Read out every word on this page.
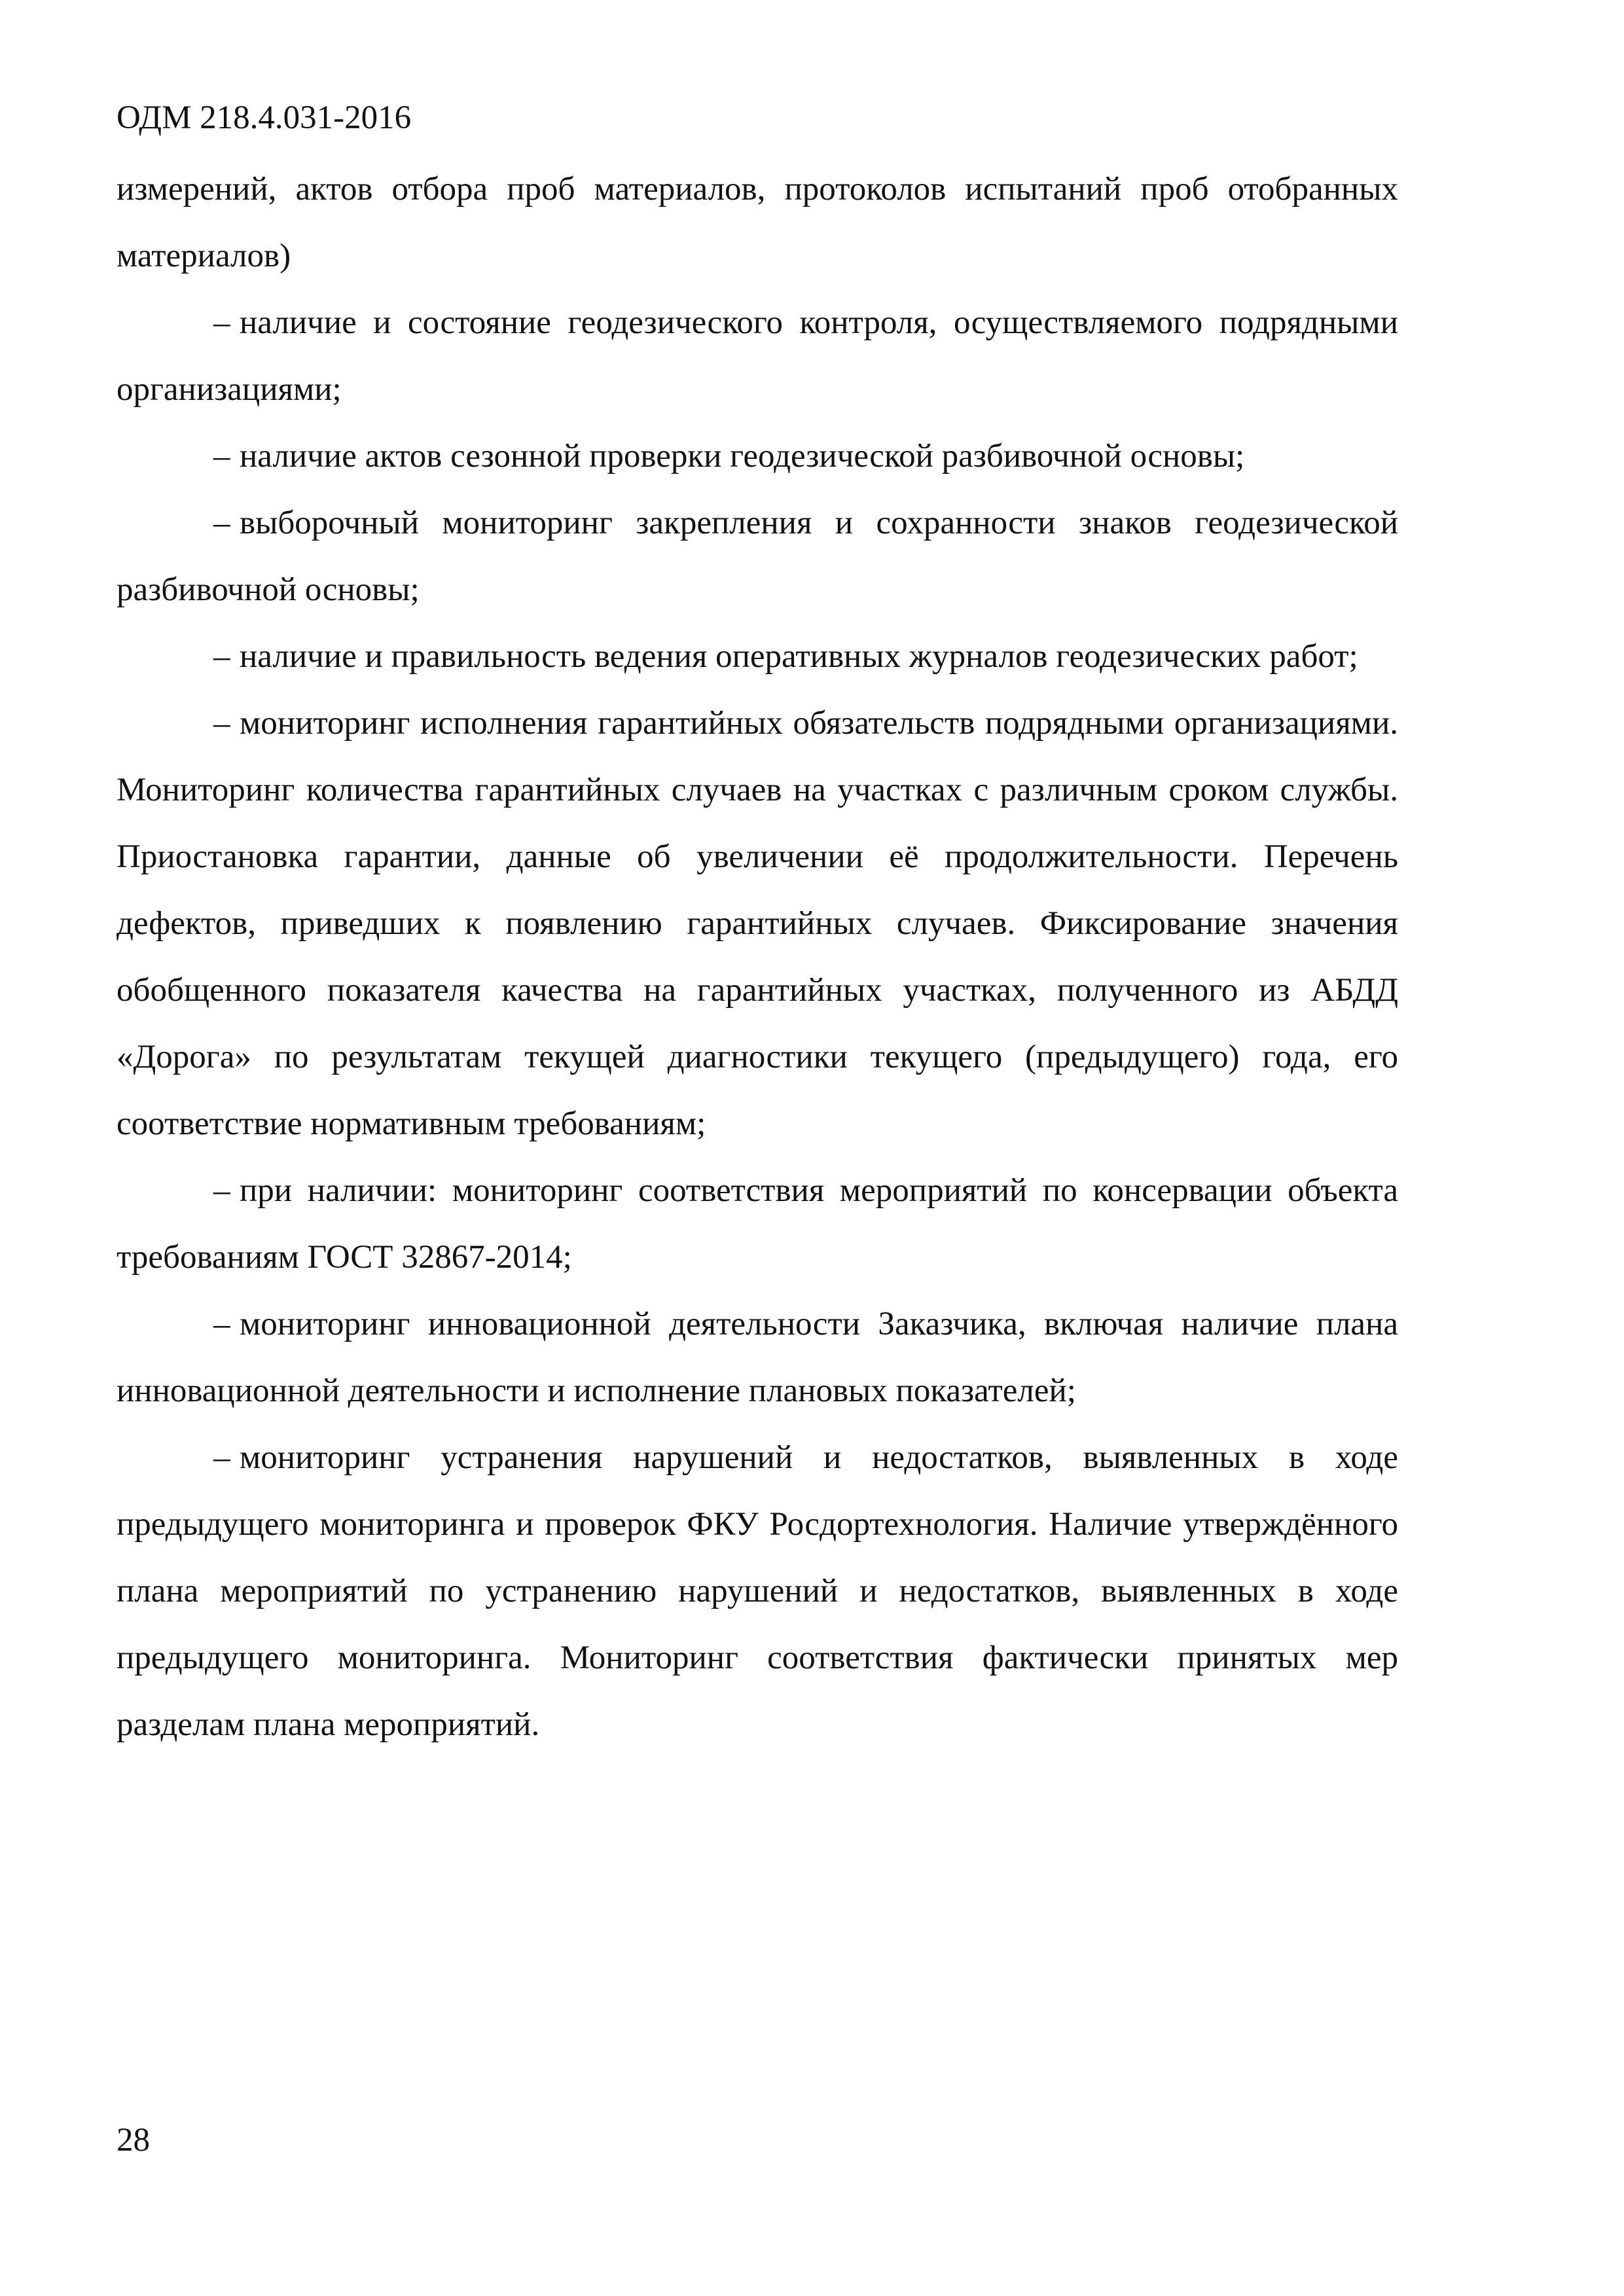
ОДМ 218.4.031-2016

измерений, актов отбора проб материалов, протоколов испытаний проб отобранных материалов)

– наличие и состояние геодезического контроля, осуществляемого подрядными организациями;

– наличие актов сезонной проверки геодезической разбивочной основы;

– выборочный мониторинг закрепления и сохранности знаков геодезической разбивочной основы;

– наличие и правильность ведения оперативных журналов геодезических работ;

– мониторинг исполнения гарантийных обязательств подрядными организациями. Мониторинг количества гарантийных случаев на участках с различным сроком службы. Приостановка гарантии, данные об увеличении её продолжительности. Перечень дефектов, приведших к появлению гарантийных случаев. Фиксирование значения обобщенного показателя качества на гарантийных участках, полученного из АБДД «Дорога» по результатам текущей диагностики текущего (предыдущего) года, его соответствие нормативным требованиям;

– при наличии: мониторинг соответствия мероприятий по консервации объекта требованиям ГОСТ 32867-2014;

– мониторинг инновационной деятельности Заказчика, включая наличие плана инновационной деятельности и исполнение плановых показателей;

– мониторинг устранения нарушений и недостатков, выявленных в ходе предыдущего мониторинга и проверок ФКУ Росдортехнология. Наличие утверждённого плана мероприятий по устранению нарушений и недостатков, выявленных в ходе предыдущего мониторинга. Мониторинг соответствия фактически принятых мер разделам плана мероприятий.

28
